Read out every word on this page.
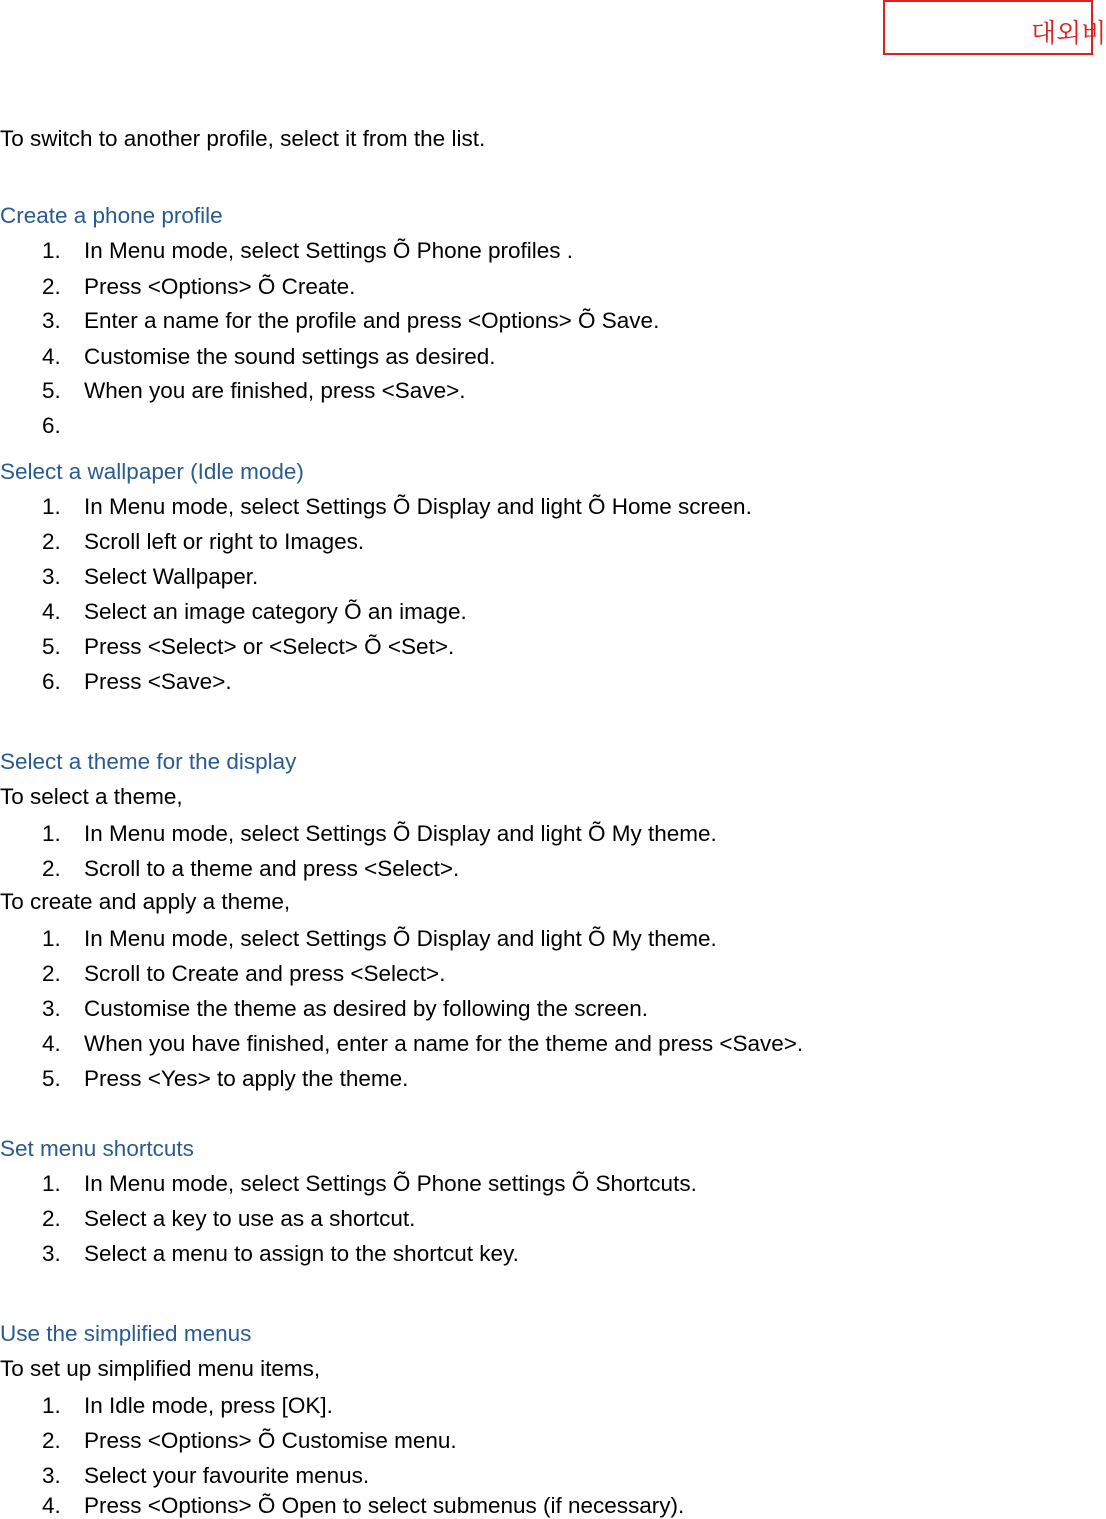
대외비
To switch to another profile, select it from the list.
Create a phone profile
1. In Menu mode, select Settings Õ Phone profiles .
2. Press <Options> Õ Create.
3. Enter a name for the profile and press <Options> Õ Save.
4. Customise the sound settings as desired.
5. When you are finished, press <Save>.
6.
Select a wallpaper (Idle mode)
1. In Menu mode, select Settings Õ Display and light Õ Home screen.
2. Scroll left or right to Images.
3. Select Wallpaper.
4. Select an image category Õ an image.
5. Press <Select> or <Select> Õ <Set>.
6. Press <Save>.
Select a theme for the display
To select a theme,
1. In Menu mode, select Settings Õ Display and light Õ My theme.
2. Scroll to a theme and press <Select>.
To create and apply a theme,
1. In Menu mode, select Settings Õ Display and light Õ My theme.
2. Scroll to Create and press <Select>.
3. Customise the theme as desired by following the screen.
4. When you have finished, enter a name for the theme and press <Save>.
5. Press <Yes> to apply the theme.
Set menu shortcuts
1. In Menu mode, select Settings Õ Phone settings Õ Shortcuts.
2. Select a key to use as a shortcut.
3. Select a menu to assign to the shortcut key.
Use the simplified menus
To set up simplified menu items,
1. In Idle mode, press [OK].
2. Press <Options> Õ Customise menu.
3. Select your favourite menus.
4. Press <Options> Õ Open to select submenus (if necessary).
